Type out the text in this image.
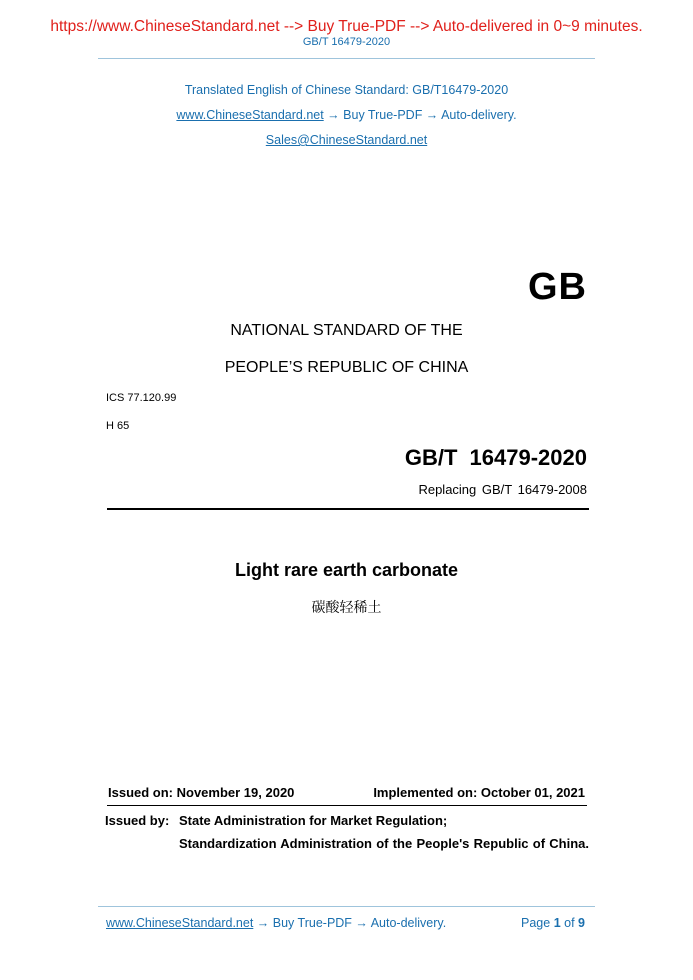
https://www.ChineseStandard.net --> Buy True-PDF --> Auto-delivered in 0~9 minutes.
GB/T 16479-2020
Translated English of Chinese Standard: GB/T16479-2020
www.ChineseStandard.net → Buy True-PDF → Auto-delivery.
Sales@ChineseStandard.net
GB
NATIONAL STANDARD OF THE
PEOPLE’S REPUBLIC OF CHINA
ICS 77.120.99
H 65
GB/T 16479-2020
Replacing GB/T 16479-2008
Light rare earth carbonate
碳酸轻稀土
Issued on: November 19, 2020	Implemented on: October 01, 2021
Issued by: State Administration for Market Regulation;
Standardization Administration of the People's Republic of China.
www.ChineseStandard.net → Buy True-PDF → Auto-delivery.	Page 1 of 9
